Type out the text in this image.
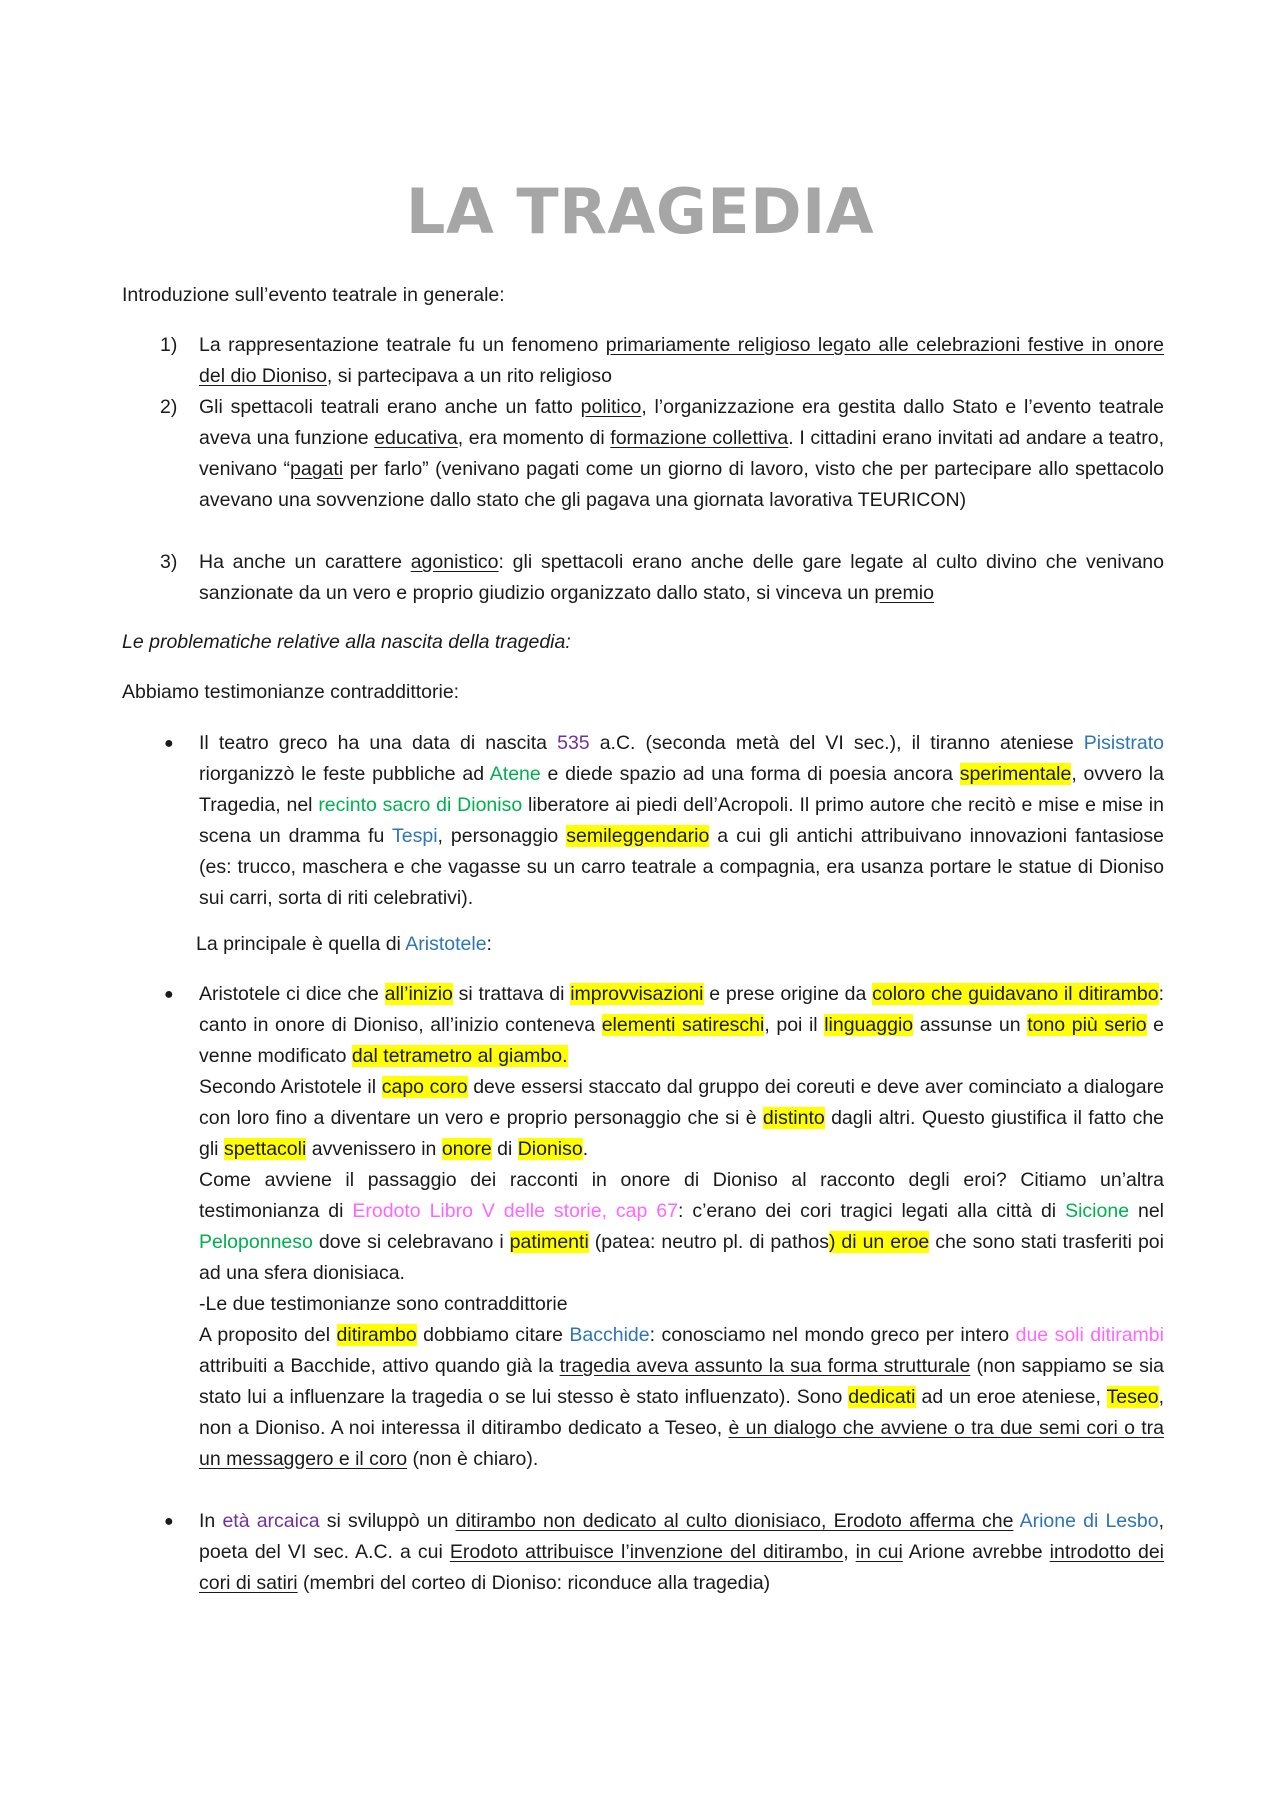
LA TRAGEDIA

Introduzione sull’evento teatrale in generale:

1) La rappresentazione teatrale fu un fenomeno primariamente religioso legato alle celebrazioni festive in onore del dio Dioniso, si partecipava a un rito religioso
2) Gli spettacoli teatrali erano anche un fatto politico, l’organizzazione era gestita dallo Stato e l’evento teatrale aveva una funzione educativa, era momento di formazione collettiva. I cittadini erano invitati ad andare a teatro, venivano “pagati per farlo” (venivano pagati come un giorno di lavoro, visto che per partecipare allo spettacolo avevano una sovvenzione dallo stato che gli pagava una giornata lavorativa TEURICON)
3) Ha anche un carattere agonistico: gli spettacoli erano anche delle gare legate al culto divino che venivano sanzionate da un vero e proprio giudizio organizzato dallo stato, si vinceva un premio

Le problematiche relative alla nascita della tragedia:

Abbiamo testimonianze contraddittorie:

● Il teatro greco ha una data di nascita 535 a.C. (seconda metà del VI sec.), il tiranno ateniese Pisistrato riorganizzò le feste pubbliche ad Atene e diede spazio ad una forma di poesia ancora sperimentale, ovvero la Tragedia, nel recinto sacro di Dioniso liberatore ai piedi dell’Acropoli. Il primo autore che recitò e mise e mise in scena un dramma fu Tespi, personaggio semileggendario a cui gli antichi attribuivano innovazioni fantasiose (es: trucco, maschera e che vagasse su un carro teatrale a compagnia, era usanza portare le statue di Dioniso sui carri, sorta di riti celebrativi).

La principale è quella di Aristotele:

● Aristotele ci dice che all’inizio si trattava di improvvisazioni e prese origine da coloro che guidavano il ditirambo: canto in onore di Dioniso, all’inizio conteneva elementi satireschi, poi il linguaggio assunse un tono più serio e venne modificato dal tetrametro al giambo.
Secondo Aristotele il capo coro deve essersi staccato dal gruppo dei coreuti e deve aver cominciato a dialogare con loro fino a diventare un vero e proprio personaggio che si è distinto dagli altri. Questo giustifica il fatto che gli spettacoli avvenissero in onore di Dioniso.
Come avviene il passaggio dei racconti in onore di Dioniso al racconto degli eroi? Citiamo un’altra testimonianza di Erodoto Libro V delle storie, cap 67: c’erano dei cori tragici legati alla città di Sicione nel Peloponneso dove si celebravano i patimenti (patea: neutro pl. di pathos) di un eroe che sono stati trasferiti poi ad una sfera dionisiaca.
-Le due testimonianze sono contraddittorie
A proposito del ditirambo dobbiamo citare Bacchide: conosciamo nel mondo greco per intero due soli ditirambi attribuiti a Bacchide, attivo quando già la tragedia aveva assunto la sua forma strutturale (non sappiamo se sia stato lui a influenzare la tragedia o se lui stesso è stato influenzato). Sono dedicati ad un eroe ateniese, Teseo, non a Dioniso. A noi interessa il ditirambo dedicato a Teseo, è un dialogo che avviene o tra due semi cori o tra un messaggero e il coro (non è chiaro).
● In età arcaica si sviluppò un ditirambo non dedicato al culto dionisiaco, Erodoto afferma che Arione di Lesbo, poeta del VI sec. A.C. a cui Erodoto attribuisce l’invenzione del ditirambo, in cui Arione avrebbe introdotto dei cori di satiri (membri del corteo di Dioniso: riconduce alla tragedia)
